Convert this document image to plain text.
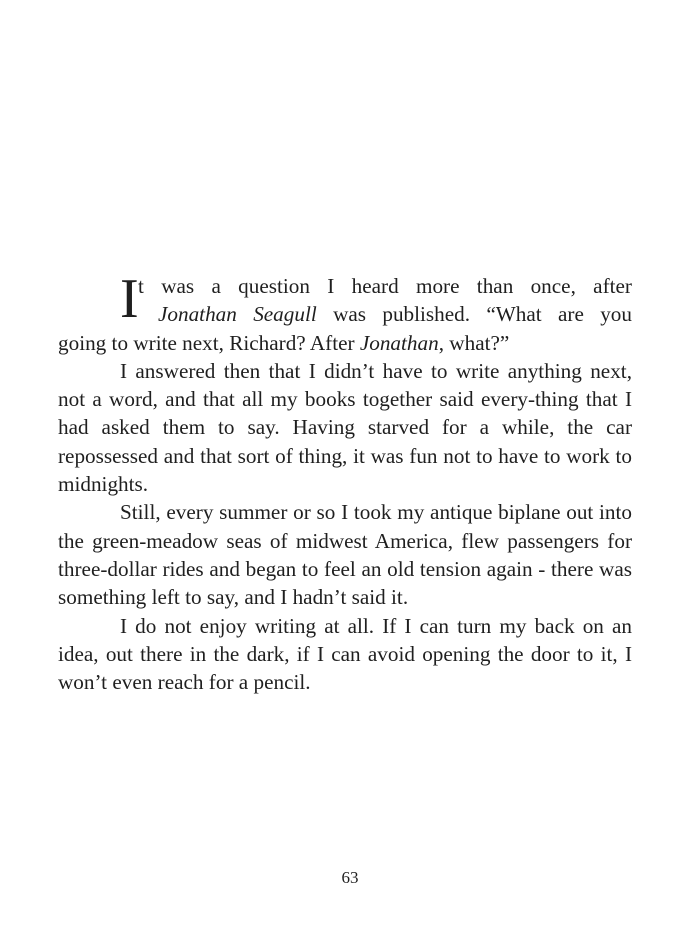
I t was a question I heard more than once, after
Jonathan Seagull was published. “What are you
going to write next, Richard? After Jonathan, what?”

I answered then that I didn’t have to write anything next, not a word, and that all my books together said every-thing that I had asked them to say. Having starved for a while, the car repossessed and that sort of thing, it was fun not to have to work to midnights.

Still, every summer or so I took my antique biplane out into the green-meadow seas of midwest America, flew passengers for three-dollar rides and began to feel an old tension again - there was something left to say, and I hadn’t said it.

I do not enjoy writing at all. If I can turn my back on an idea, out there in the dark, if I can avoid opening the door to it, I won’t even reach for a pencil.

63
